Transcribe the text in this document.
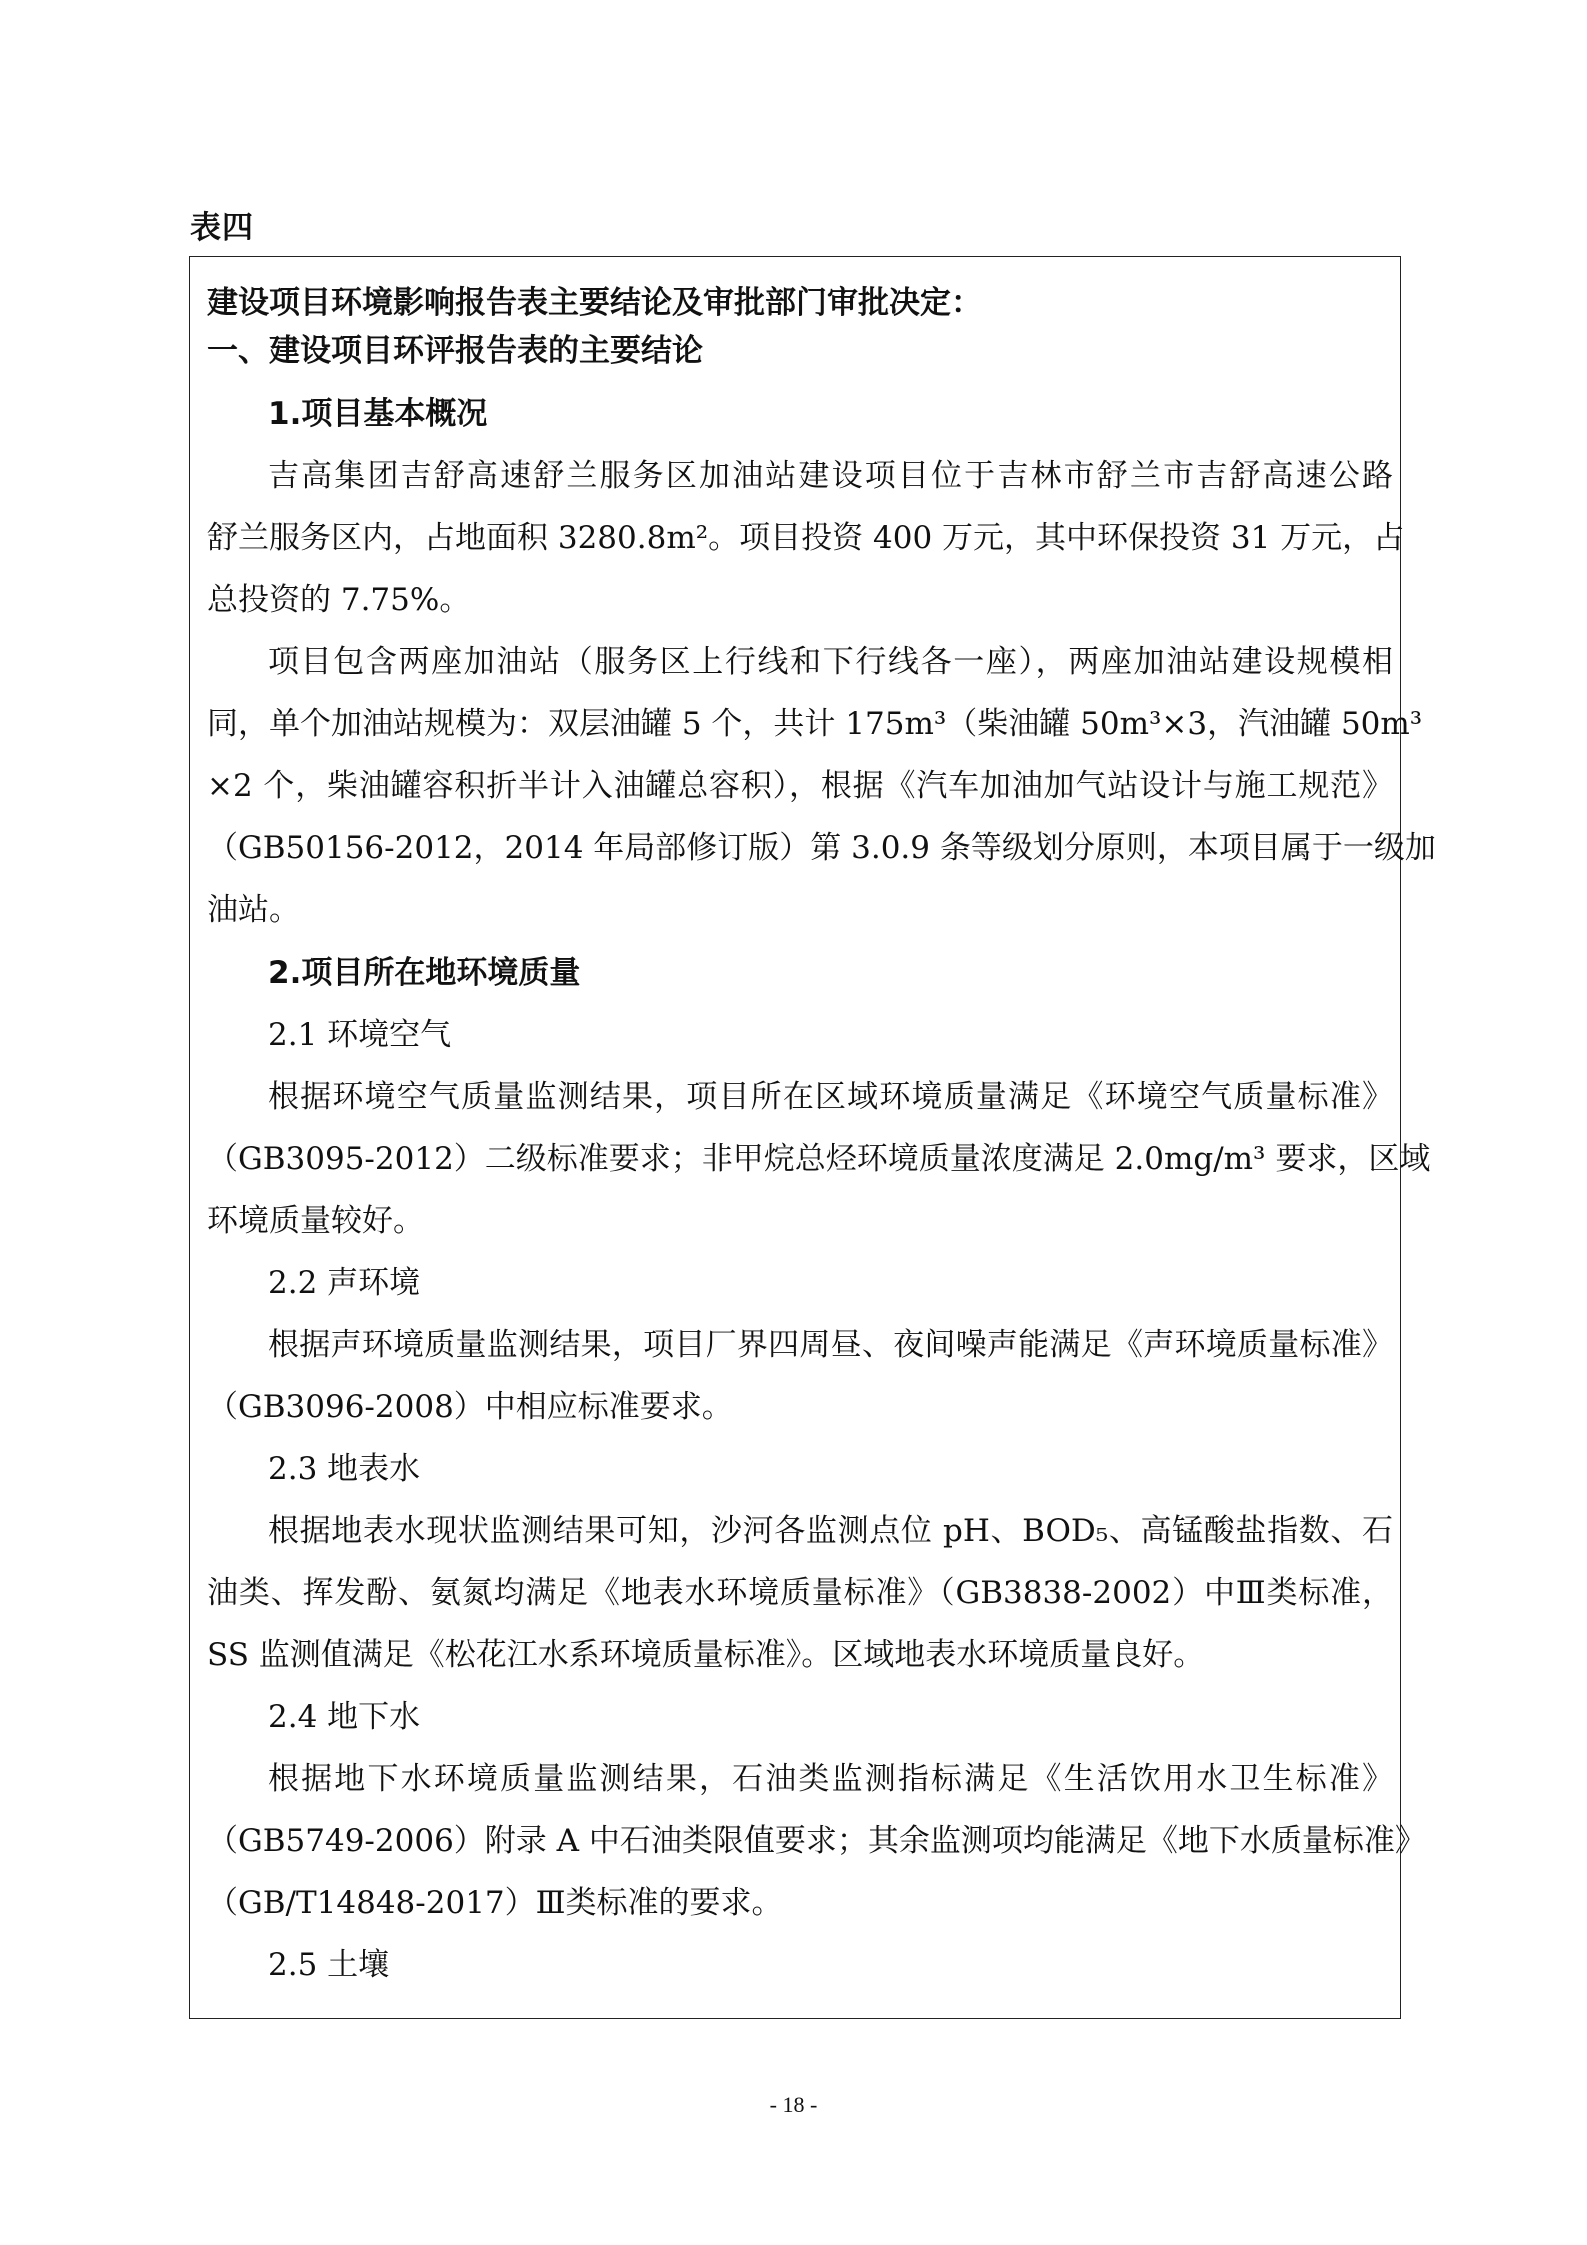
表四
建设项目环境影响报告表主要结论及审批部门审批决定：
一、建设项目环评报告表的主要结论
1.项目基本概况
吉高集团吉舒高速舒兰服务区加油站建设项目位于吉林市舒兰市吉舒高速公路
舒兰服务区内，占地面积 3280.8m²。项目投资 400 万元，其中环保投资 31 万元，占
总投资的 7.75%。
项目包含两座加油站（服务区上行线和下行线各一座），两座加油站建设规模相
同，单个加油站规模为：双层油罐 5 个，共计 175m³（柴油罐 50m³×3，汽油罐 50m³
×2 个，柴油罐容积折半计入油罐总容积），根据《汽车加油加气站设计与施工规范》
（GB50156-2012，2014 年局部修订版）第 3.0.9 条等级划分原则，本项目属于一级加
油站。
2.项目所在地环境质量
2.1 环境空气
根据环境空气质量监测结果，项目所在区域环境质量满足《环境空气质量标准》
（GB3095-2012）二级标准要求；非甲烷总烃环境质量浓度满足 2.0mg/m³ 要求，区域
环境质量较好。
2.2 声环境
根据声环境质量监测结果，项目厂界四周昼、夜间噪声能满足《声环境质量标准》
（GB3096-2008）中相应标准要求。
2.3 地表水
根据地表水现状监测结果可知，沙河各监测点位 pH、BOD₅、高锰酸盐指数、石
油类、挥发酚、氨氮均满足《地表水环境质量标准》（GB3838-2002）中Ⅲ类标准，
SS 监测值满足《松花江水系环境质量标准》。区域地表水环境质量良好。
2.4 地下水
根据地下水环境质量监测结果，石油类监测指标满足《生活饮用水卫生标准》
（GB5749-2006）附录 A 中石油类限值要求；其余监测项均能满足《地下水质量标准》
（GB/T14848-2017）Ⅲ类标准的要求。
2.5 土壤
- 18 -
